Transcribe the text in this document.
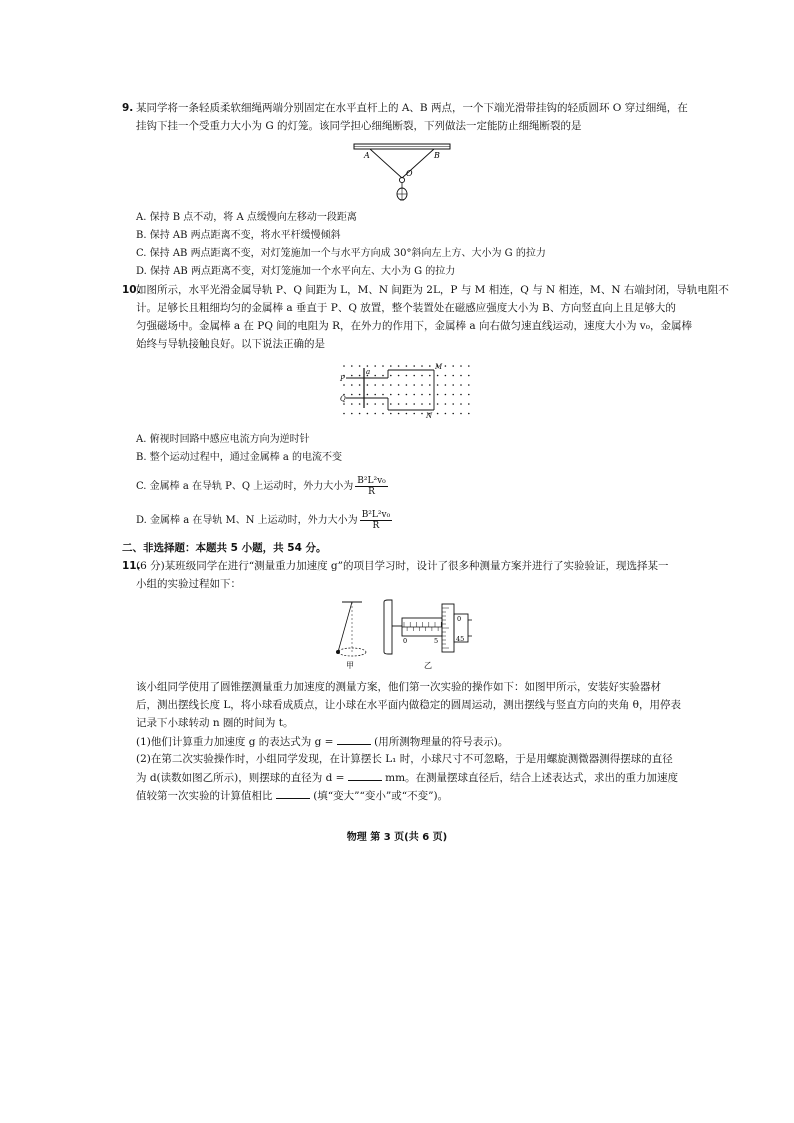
9. 某同学将一条轻质柔软细绳两端分别固定在水平直杆上的 A、B 两点，一个下端光滑带挂钩的轻质圆环 O 穿过细绳，在
挂钩下挂一个受重力大小为 G 的灯笼。该同学担心细绳断裂，下列做法一定能防止细绳断裂的是
A	B
O
A. 保持 B 点不动，将 A 点缓慢向左移动一段距离
B. 保持 AB 两点距离不变，将水平杆缓慢倾斜
C. 保持 AB 两点距离不变，对灯笼施加一个与水平方向成 30°斜向左上方、大小为 G 的拉力
D. 保持 AB 两点距离不变，对灯笼施加一个水平向左、大小为 G 的拉力
10.
如图所示，水平光滑金属导轨 P、Q 间距为 L，M、N 间距为 2L，P 与 M 相连，Q 与 N 相连，M、N 右端封闭，导轨电阻不
计。足够长且粗细均匀的金属棒 a 垂直于 P、Q 放置，整个装置处在磁感应强度大小为 B、方向竖直向上且足够大的
匀强磁场中。金属棒 a 在 PQ 间的电阻为 R，在外力的作用下，金属棒 a 向右做匀速直线运动，速度大小为 v₀，金属棒
始终与导轨接触良好。以下说法正确的是
P
Q
M
N
a
A. 俯视时回路中感应电流方向为逆时针
B. 整个运动过程中，通过金属棒 a 的电流不变
C. 金属棒 a 在导轨 P、Q 上运动时，外力大小为 $\frac{\text{B²L²v₀}}{R}$
D. 金属棒 a 在导轨 M、N 上运动时，外力大小为 $\frac{\text{B²L²v₀}}{R}$
二、非选择题：本题共 5 小题，共 54 分。
11.
(6 分)某班级同学在进行“测量重力加速度 g”的项目学习时，设计了很多种测量方案并进行了实验验证，现选择某一
小组的实验过程如下：
甲
0	5
0
45
乙
该小组同学使用了圆锥摆测量重力加速度的测量方案，他们第一次实验的操作如下：如图甲所示，安装好实验器材
后，测出摆线长度 L，将小球看成质点，让小球在水平面内做稳定的圆周运动，测出摆线与竖直方向的夹角 θ，用停表
记录下小球转动 n 圈的时间为 t。
(1)他们计算重力加速度 g 的表达式为 g =	(用所测物理量的符号表示)。
(2)在第二次实验操作时，小组同学发现，在计算摆长 L₁ 时，小球尺寸不可忽略，于是用螺旋测微器测得摆球的直径
为 d(读数如图乙所示)，则摆球的直径为 d =	mm。在测量摆球直径后，结合上述表达式，求出的重力加速度
值较第一次实验的计算值相比	(填“变大”“变小”或“不变”)。
物理 第 3 页(共 6 页)
